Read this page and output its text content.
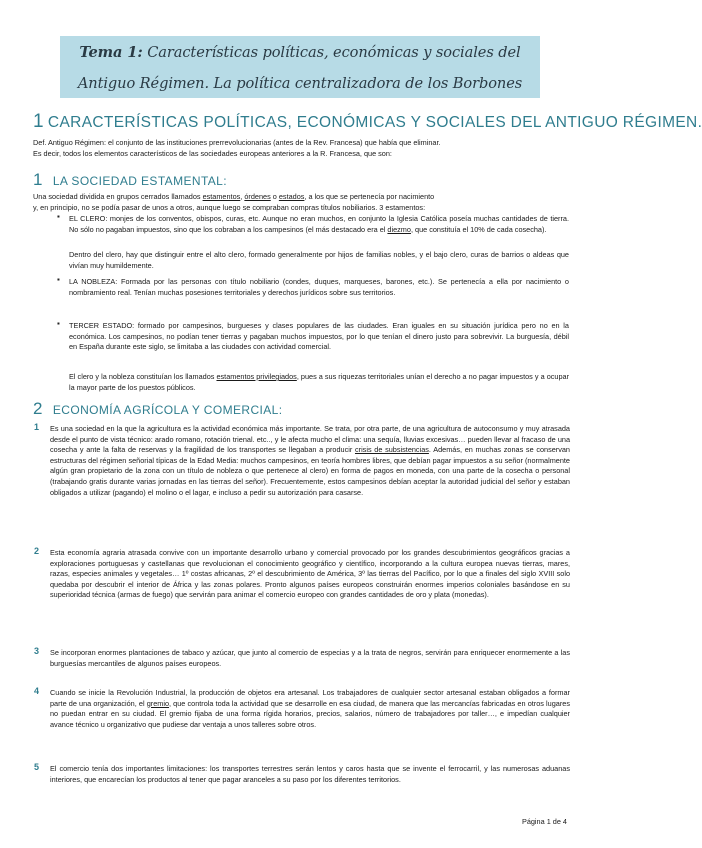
Tema 1: Características políticas, económicas y sociales del

Antiguo Régimen. La política centralizadora de los Borbones

1 CARACTERÍSTICAS POLÍTICAS, ECONÓMICAS Y SOCIALES DEL ANTIGUO RÉGIMEN.
Def. Antiguo Régimen: el conjunto de las instituciones prerrevolucionarias (antes de la Rev. Francesa) que había que eliminar.
Es decir, todos los elementos característicos de las sociedades europeas anteriores a la R. Francesa, que son:
1 LA SOCIEDAD ESTAMENTAL:
Una sociedad dividida en grupos cerrados llamados estamentos, órdenes o estados, a los que se pertenecía por nacimiento
y, en principio, no se podía pasar de unos a otros, aunque luego se compraban compras títulos nobiliarios. 3 estamentos:
▪ EL CLERO: monjes de los conventos, obispos, curas, etc. Aunque no eran muchos, en conjunto la Iglesia Católica poseía muchas cantidades de tierra. No sólo no pagaban impuestos, sino que los cobraban a los campesinos (el más destacado era el diezmo, que constituía el 10% de cada cosecha).
Dentro del clero, hay que distinguir entre el alto clero, formado generalmente por hijos de familias nobles, y el bajo clero, curas de barrios o aldeas que vivían muy humildemente.
▪ LA NOBLEZA: Formada por las personas con título nobiliario (condes, duques, marqueses, barones, etc.). Se pertenecía a ella por nacimiento o nombramiento real. Tenían muchas posesiones territoriales y derechos jurídicos sobre sus territorios.
▪ TERCER ESTADO: formado por campesinos, burgueses y clases populares de las ciudades. Eran iguales en su situación jurídica pero no en la económica. Los campesinos, no podían tener tierras y pagaban muchos impuestos, por lo que tenían el dinero justo para sobrevivir. La burguesía, débil en España durante este siglo, se limitaba a las ciudades con actividad comercial.
El clero y la nobleza constituían los llamados estamentos privilegiados, pues a sus riquezas territoriales unían el derecho a no pagar impuestos y a ocupar la mayor parte de los puestos públicos.
2 ECONOMÍA AGRÍCOLA Y COMERCIAL:
1 Es una sociedad en la que la agricultura es la actividad económica más importante. Se trata, por otra parte, de una agricultura de autoconsumo y muy atrasada desde el punto de vista técnico: arado romano, rotación trienal. etc.., y le afecta mucho el clima: una sequía, lluvias excesivas… pueden llevar al fracaso de una cosecha y ante la falta de reservas y la fragilidad de los transportes se llegaban a producir crisis de subsistencias. Además, en muchas zonas se conservan estructuras del régimen señorial típicas de la Edad Media: muchos campesinos, en teoría hombres libres, que debían pagar impuestos a su señor (normalmente algún gran propietario de la zona con un título de nobleza o que pertenece al clero) en forma de pagos en moneda, con una parte de la cosecha o personal (trabajando gratis durante varias jornadas en las tierras del señor). Frecuentemente, estos campesinos debían aceptar la autoridad judicial del señor y estaban obligados a utilizar (pagando) el molino o el lagar, e incluso a pedir su autorización para casarse.
2 Esta economía agraria atrasada convive con un importante desarrollo urbano y comercial provocado por los grandes descubrimientos geográficos gracias a exploraciones portuguesas y castellanas que revolucionan el conocimiento geográfico y científico, incorporando a la cultura europea nuevas tierras, mares, razas, especies animales y vegetales… 1º costas africanas, 2º el descubrimiento de América, 3º las tierras del Pacífico, por lo que a finales del siglo XVIII solo quedaba por descubrir el interior de África y las zonas polares. Pronto algunos países europeos construirán enormes imperios coloniales basándose en su superioridad técnica (armas de fuego) que servirán para animar el comercio europeo con grandes cantidades de oro y plata (monedas).
3 Se incorporan enormes plantaciones de tabaco y azúcar, que junto al comercio de especias y a la trata de negros, servirán para enriquecer enormemente a las burguesías mercantiles de algunos países europeos.
4 Cuando se inicie la Revolución Industrial, la producción de objetos era artesanal. Los trabajadores de cualquier sector artesanal estaban obligados a formar parte de una organización, el gremio, que controla toda la actividad que se desarrolle en esa ciudad, de manera que las mercancías fabricadas en otros lugares no puedan entrar en su ciudad. El gremio fijaba de una forma rígida horarios, precios, salarios, número de trabajadores por taller…, e impedían cualquier avance técnico u organizativo que pudiese dar ventaja a unos talleres sobre otros.
5 El comercio tenía dos importantes limitaciones: los transportes terrestres serán lentos y caros hasta que se invente el ferrocarril, y las numerosas aduanas interiores, que encarecían los productos al tener que pagar aranceles a su paso por los diferentes territorios.
Página 1 de 4
